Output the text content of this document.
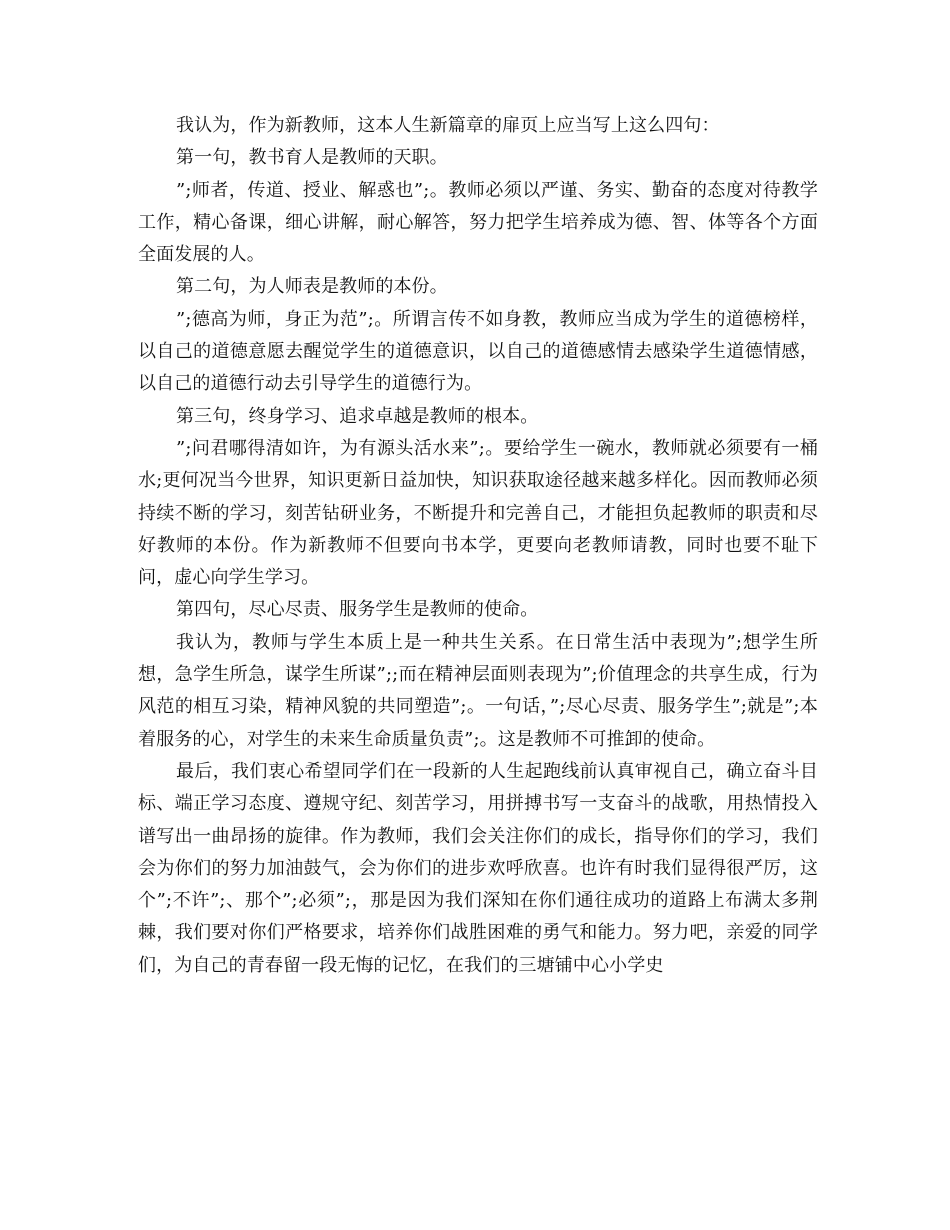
我认为，作为新教师，这本人生新篇章的扉页上应当写上这么四句：

第一句，教书育人是教师的天职。

”;师者，传道、授业、解惑也”;。教师必须以严谨、务实、勤奋的态度对待教学工作，精心备课，细心讲解，耐心解答，努力把学生培养成为德、智、体等各个方面全面发展的人。

第二句，为人师表是教师的本份。

”;德高为师，身正为范”;。所谓言传不如身教，教师应当成为学生的道德榜样，以自己的道德意愿去醒觉学生的道德意识，以自己的道德感情去感染学生道德情感，以自己的道德行动去引导学生的道德行为。

第三句，终身学习、追求卓越是教师的根本。

”;问君哪得清如许，为有源头活水来”;。要给学生一碗水，教师就必须要有一桶水;更何况当今世界，知识更新日益加快，知识获取途径越来越多样化。因而教师必须持续不断的学习，刻苦钻研业务，不断提升和完善自己，才能担负起教师的职责和尽好教师的本份。作为新教师不但要向书本学，更要向老教师请教，同时也要不耻下问，虚心向学生学习。

第四句，尽心尽责、服务学生是教师的使命。

我认为，教师与学生本质上是一种共生关系。在日常生活中表现为”;想学生所想，急学生所急，谋学生所谋”;;而在精神层面则表现为”;价值理念的共享生成，行为风范的相互习染，精神风貌的共同塑造”;。一句话，”;尽心尽责、服务学生”;就是”;本着服务的心，对学生的未来生命质量负责”;。这是教师不可推卸的使命。

最后，我们衷心希望同学们在一段新的人生起跑线前认真审视自己，确立奋斗目标、端正学习态度、遵规守纪、刻苦学习，用拼搏书写一支奋斗的战歌，用热情投入谱写出一曲昂扬的旋律。作为教师，我们会关注你们的成长，指导你们的学习，我们会为你们的努力加油鼓气，会为你们的进步欢呼欣喜。也许有时我们显得很严厉，这个”;不许”;、那个”;必须”;，那是因为我们深知在你们通往成功的道路上布满太多荆棘，我们要对你们严格要求，培养你们战胜困难的勇气和能力。努力吧，亲爱的同学们，为自己的青春留一段无悔的记忆，在我们的三塘铺中心小学史
